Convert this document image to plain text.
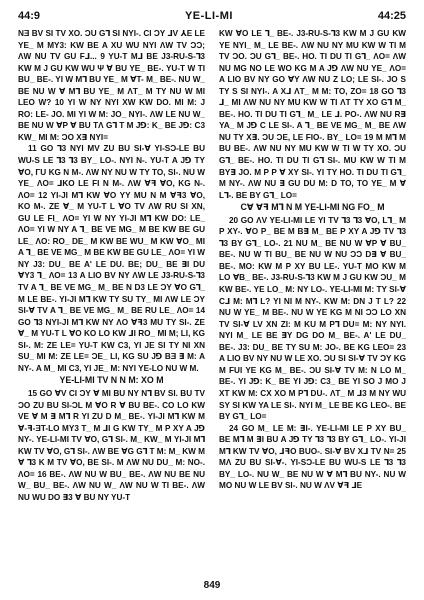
44:9	YE-LI-MI	44:25

NƎ BV SI TV XO. ƆU G⅂ SI NYI-. CI ƆY ⅃V ⅄E LE YE_ M MY3: KW BE A XU WU NYI ΛW TV ƆƆ; ΛW NU TV GU F⅃... 9 YU-T M⅃ BE J3-RU-S-⅂3 KW M J GU KW WU Ψ ∀ BU YE_ BE-. YU-T W TI BU_ BE-. YI W M⅂ BU YE_ M ∀T- M_ BE-. NU W_ BE NU W ∀ M⅂ BU YE_ M ΛT_ M TY NU W MI LEO W? 10 YI W NY NYI XW KW DO. MI M: J RO: LE- JO. MI YI W M: JO_ NYI-. ΛW LE NU W_ BE NU W ∀P ∀ BU TΛ G⅂ T M J⅁: K_ BE J⅁: C3 KW_ MI M: ƆO X∃ NYI=

11 GO ⅂3 NYI MV ZU BU SI-∀ YI-SƆ-LE BU WU-S LE ⅂3 ⅂3 BY_ LO-. NYI N-. YU-T A J⅁ TY ∀O, ΓU KG N M-. ΛW NY NU W TY TO, SI-. NU W YE_ ΛO= ⅃KO LE FI N M-. ΛW ∀ꟻ ∀O, KG N-. ΛO= 12 YI-JI M⅂ KW ∀O YY MU N M ∀ꟻ3 ∀O, KO M-. ZE ∀_ M YU-T L ∀O TV ΛW RU SI XN, GU LE FI_ ΛO= YI W NY YI-JI M⅂ KW DO: LE_ ΛO= YI W NY A ⅂_ BE VE MG_ M BE KW BE GU LE_ ΛO: RO_ DE_ M KW BE WU_ M KW ∀O_ MI A ⅂_ BE VE MG_ M BE KW BE GU LE_ ΛO= YI W NY J3: DU_ BE A' LE DU. BE; DU_ BE ∃I DU ∀Y3 ⅂_ ΛO= 13 A LIO BV NY ΛW LE J3-RU-S-⅂3 TV A ⅂_ BE VE MG_ M_ BE N D3 LE ƆY ∀O G⅂_ M LE BE-. YI-JI M⅂ KW TY SU TY_ MI ΛW LE ƆY SI-∀ TV A ⅂_ BE VE MG_ M_ BE RU LE_ ΛO= 14 GO ⅂3 NYI-JI M⅂ KW NY ΛO ∀ꟻ3 MU TY SI-. ZE ∀_ M YU-T L ∀O KO LO KW ⅃I RO_ MI M; LI, KG SI-. M: ZE LE= YU-T KW C3, YI JE SI TY NI XN SU_ MI M: ZE LE= ƆE_ LI, KG SU J⅁ BƎ ∃ M: A NY-. A M_ MI C3, YI JE_ M: NYI YE-LO NU W M.

YE-LI-MI TV N N M: XO M

15 GO ∀V CI ƆY ∀ MI BU NY N⅂ BV SI. BU TV ƆO ZU BU SI-ƆL M ∀O R ∀ BU BE-. CO LO KW VE ∀ M ∃ M⅂ R YI ZU D M_ BE-. YI-JI M⅂ KW M ∀-ꟻ-ƎT-LO MY3 T_ M ⅃I G KW TY_ M P XY A J⅁ NY-. YE-LI-MI TV ∀O, G⅂ SI-. M_ KW_ M YI-JI M⅂ KW TV ∀O, G⅂ SI-. ΛW BE ∀G G⅂ T M: M_ KW M ∀ ⅂3 K M TV ∀O, BE SI-. M ΛW NU DU_ M: NO-. ΛO= 16 BE-. ΛW NU W BU_ BE-. ΛW NU BE NU W_ BU_ BE-. ΛW NU W_ ΛW NU W TI BE-. ΛW NU WU DO ∃3 ∀ BU NY YU-T

KW ∀O LE ⅂_ BE-. J3-RU-S-⅂3 KW M J GU KW YE NYI_ M_ LE BE-. ΛW NU NY MU KW W TI M TV ƆO. ƆU G⅂_ BE-. HO. TI DU TI G⅂_ ΛO= ΛW NU MG NO LE WO KG M A J⅁ ΛW NU YE_ ΛO= A LIO BV NY GO ∀Y ΛW NU Z LO; LE SI-. JO S TY S SI NYI-. A X⅃ ΛT_ M M: TO, ZO= 18 GO ⅂3 ⅃_ MI ΛW NU NY MU KW W TI ΛT TY XO G⅂ M_ BE-. HO. TI DU TI G⅂_ M_ LE ⅃. PO-. ΛW NU R∃ YA_ M J⅁ C LE SI-. A ⅂_ BE VE MG_ M_ BE ΛW NU TY X∃. ƆU ƆE, LE FIO-. BY_ LO= 19 M M⅂ M BU BE-. ΛW NU NY MU KW W TI W TY XO. ƆU G⅂_ BE-. HO. TI DU TI G⅂ SI-. MU KW W TI M BY∃ JO. M P P ∀ XY SI-. YI TY HO. TI DU TI G⅂_ M NY-. ΛW NU ∃ GU DU M: D TO, TO YE_ M ∀ L⅂-. BE BY G⅂_ LO=

C∀ ∀ꟻ M⅂ N M YE-LI-MI NG FO_ M

20 GO ΛV YE-LI-MI LE YI TV ⅂3 ⅂3 ∀O, L⅂_ M P XY-. ∀O P_ BE M B∃ M_ BE P XY A J⅁ TV ⅂3 ⅂3 BY G⅂_ LO-. 21 NU M_ BE NU W ∀P ∀ BU_ BE-. NU W TI BU_ BE NU W NU ƆƆ D∃ ∀ BU_ BE-. MO: KW M P XY BU LE-. YU-T MO KW M LO ∀B_ BE-. J3-RU-S-⅂3 KW M J GU KW ƆU_ M KW BE-. YE LO_ M: NY LO-. YE-LI-MI M: TY SI-∀ C⅃ M: M⅂ L? YI NI M NY-. KW M: DN J T L? 22 NU W YE_ M BE-. NU W YE KG M NI ƆƆ LO XN TV SI-∀ LV XN ZI: M KU M P⅂ DU= M: NY NYI. NYI M_ LE BE ∃Y DG DO M_ BE-. A' LE DU_ BE-. J3: DU_ BE TY SU M: JO-. BE KG LEO= 23 A LIO BV NY NU W LE XO. ƆU SI SI-∀ TV ƆY KG M FUI YE KG M_ BE-. ƆU SI-∀ TV M: N LO M_ BE-. YI J⅁: K_ BE YI J⅁: C3_ BE YI SO J MO J XT KW M: CX XO M P⅂ DU-. ΛT_ M ⅃3 M NY WU SY SI KW YA LE SI-. NYI M_ LE BE KG LEO-. BE BY G⅂_ LO=

24 GO M_ LE M: ∃I-. YE-LI-MI LE P XY BU_ BE M⅂ M ∃I BU A J⅁ TY ⅂3 ⅂3 BY G⅂_ LO-. YI-JI M⅂ KW TV ∀O, ⅃ꟻO BUO-. SI-∀ BV X⅃ TV N= 25 MΛ ZU BU SI-∀-. YI-SƆ-LE BU WU-S LE ⅂3 ⅂3 BY_ LO-. NU W_ BE NU W ∀ M⅂ BU NY-. NU W MO NU W LE BV SI-. NU W ΛV ∀ꟻ ⅃E

849
